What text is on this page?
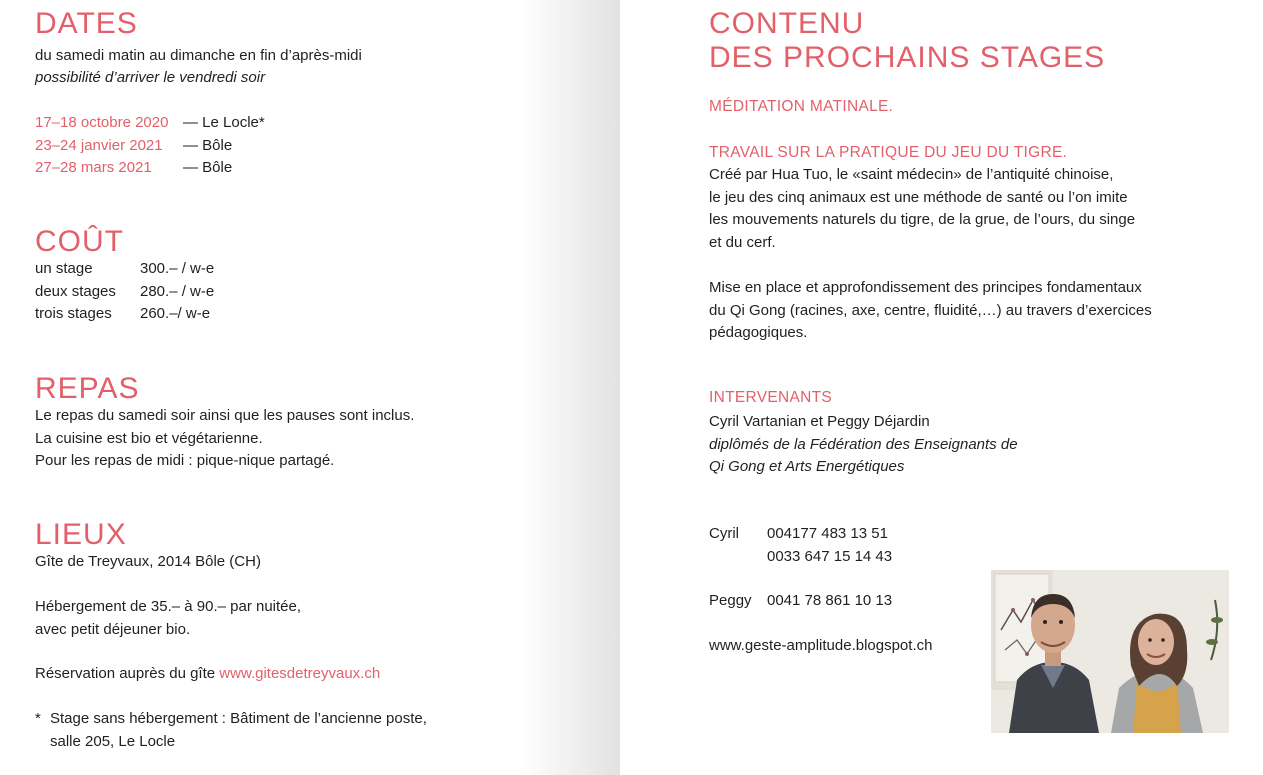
DATES
du samedi matin au dimanche en fin d’après-midi
possibilité d’arriver le vendredi soir
17–18 octobre 2020 — Le Locle*
23–24 janvier 2021	— Bôle
27–28 mars 2021	— Bôle
COÛT
un stage	300.– / w-e
deux stages	280.– / w-e
trois stages	260.–/ w-e
REPAS
Le repas du samedi soir ainsi que les pauses sont inclus.
La cuisine est bio et végétarienne.
Pour les repas de midi : pique-nique partagé.
LIEUX
Gîte de Treyvaux, 2014 Bôle (CH)
Hébergement de 35.– à 90.– par nuitée,
avec petit déjeuner bio.
Réservation auprès du gîte www.gitesdetreyvaux.ch
* Stage sans hébergement : Bâtiment de l’ancienne poste,
salle 205, Le Locle
CONTENU
DES PROCHAINS STAGES
MÉDITATION MATINALE.
TRAVAIL SUR LA PRATIQUE DU JEU DU TIGRE.
Créé par Hua Tuo, le «saint médecin» de l’antiquité chinoise,
le jeu des cinq animaux est une méthode de santé ou l’on imite
les mouvements naturels du tigre, de la grue, de l’ours, du singe
et du cerf.
Mise en place et approfondissement des principes fondamentaux
du Qi Gong (racines, axe, centre, fluidité,…) au travers d’exercices
pédagogiques.
INTERVENANTS
Cyril Vartanian et Peggy Déjardin
diplômés de la Fédération des Enseignants de
Qi Gong et Arts Energétiques
Cyril	004177 483 13 51
0033 647 15 14 43
Peggy	0041 78 861 10 13
www.geste-amplitude.blogspot.ch
